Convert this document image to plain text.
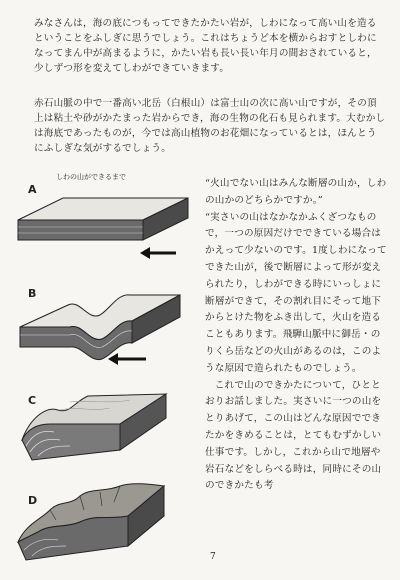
みなさんは，海の底につもってできたかたい岩が，しわになって高い山を造るということをふしぎに思うでしょう。これはちょうど本を横からおすとしわになってまん中が高まるように，かたい岩も長い長い年月の間おされていると，少しずつ形を変えてしわができていきます。

赤石山脈の中で一番高い北岳（白根山）は富士山の次に高い山ですが，その頂上は粘土や砂がかたまった岩からでき，海の生物の化石も見られます。大むかしは海底であったものが，今では高山植物のお花畑になっているとは，ほんとうにふしぎな気がするでしょう。

しわの山ができるまで
A
B
C
D

“火山でない山はみんな断層の山か，しわの山かのどちらかですか。”
“実さいの山はなかなかふくざつなもので，一つの原因だけでできている場合はかえって少ないのです。1度しわになってできた山が，後で断層によって形が変えられたり，しわができる時にいっしょに断層ができて，その割れ目にそって地下からとけた物をふき出して，火山を造ることもあります。飛騨山脈中に御岳・のりくら岳などの火山があるのは，このような原因で造られたものでしょう。
　これで山のできかたについて，ひととおりお話しました。実さいに一つの山をとりあげて，この山はどんな原因でできたかをきめることは，とてもむずかしい仕事です。しかし，これから山で地層や岩石などをしらべる時は，同時にその山のできかたも考

7
